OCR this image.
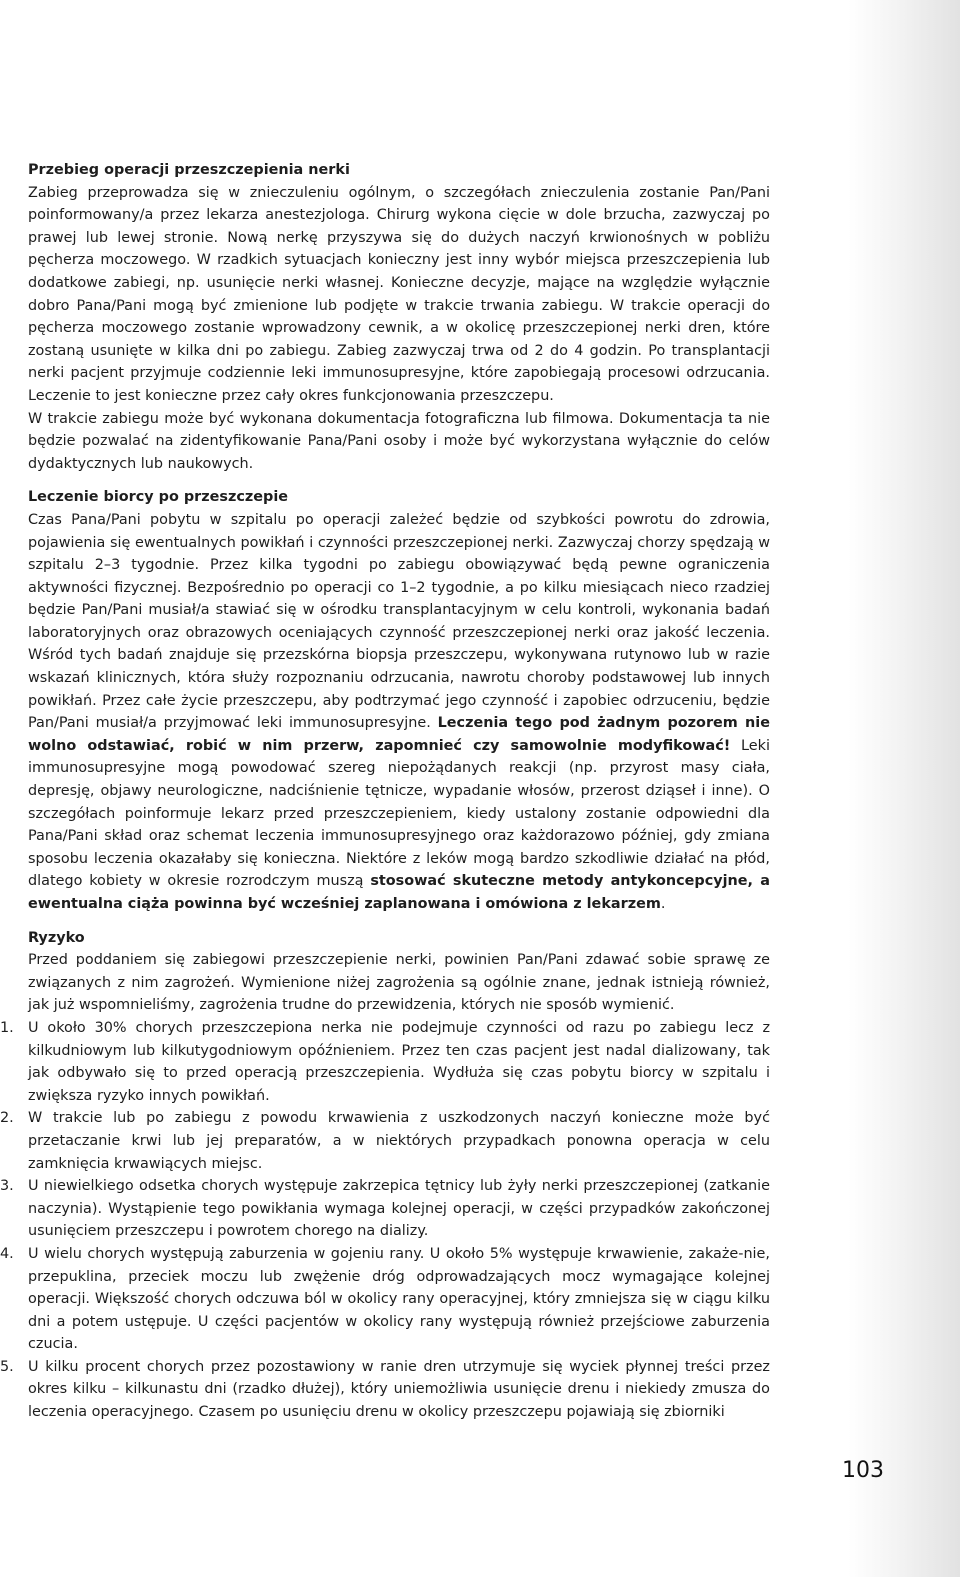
Przebieg operacji przeszczepienia nerki

Zabieg przeprowadza się w znieczuleniu ogólnym, o szczegółach znieczulenia zostanie Pan/Pani poinformowany/a przez lekarza anestezjologa. Chirurg wykona cięcie w dole brzucha, zazwyczaj po prawej lub lewej stronie. Nową nerkę przyszywa się do dużych naczyń krwionośnych w pobliżu pęcherza moczowego. W rzadkich sytuacjach konieczny jest inny wybór miejsca przeszczepienia lub dodatkowe zabiegi, np. usunięcie nerki własnej. Konieczne decyzje, mające na względzie wyłącznie dobro Pana/Pani mogą być zmienione lub podjęte w trakcie trwania zabiegu. W trakcie operacji do pęcherza moczowego zostanie wprowadzony cewnik, a w okolicę przeszczepionej nerki dren, które zostaną usunięte w kilka dni po zabiegu. Zabieg zazwyczaj trwa od 2 do 4 godzin. Po transplantacji nerki pacjent przyjmuje codziennie leki immunosupresyjne, które zapobiegają procesowi odrzucania. Leczenie to jest konieczne przez cały okres funkcjonowania przeszczepu.

W trakcie zabiegu może być wykonana dokumentacja fotograficzna lub filmowa. Dokumentacja ta nie będzie pozwalać na zidentyfikowanie Pana/Pani osoby i może być wykorzystana wyłącznie do celów dydaktycznych lub naukowych.

Leczenie biorcy po przeszczepie

Czas Pana/Pani pobytu w szpitalu po operacji zależeć będzie od szybkości powrotu do zdrowia, pojawienia się ewentualnych powikłań i czynności przeszczepionej nerki. Zazwyczaj chorzy spędzają w szpitalu 2–3 tygodnie. Przez kilka tygodni po zabiegu obowiązywać będą pewne ograniczenia aktywności fizycznej. Bezpośrednio po operacji co 1–2 tygodnie, a po kilku miesiącach nieco rzadziej będzie Pan/Pani musiał/a stawiać się w ośrodku transplantacyjnym w celu kontroli, wykonania badań laboratoryjnych oraz obrazowych oceniających czynność przeszczepionej nerki oraz jakość leczenia. Wśród tych badań znajduje się przezskórna biopsja przeszczepu, wykonywana rutynowo lub w razie wskazań klinicznych, która służy rozpoznaniu odrzucania, nawrotu choroby podstawowej lub innych powikłań. Przez całe życie przeszczepu, aby podtrzymać jego czynność i zapobiec odrzuceniu, będzie Pan/Pani musiał/a przyjmować leki immunosupresyjne. Leczenia tego pod żadnym pozorem nie wolno odstawiać, robić w nim przerw, zapomnieć czy samowolnie modyfikować! Leki immunosupresyjne mogą powodować szereg niepożądanych reakcji (np. przyrost masy ciała, depresję, objawy neurologiczne, nadciśnienie tętnicze, wypadanie włosów, przerost dziąseł i inne). O szczegółach poinformuje lekarz przed przeszczepieniem, kiedy ustalony zostanie odpowiedni dla Pana/Pani skład oraz schemat leczenia immunosupresyjnego oraz każdorazowo później, gdy zmiana sposobu leczenia okazałaby się konieczna. Niektóre z leków mogą bardzo szkodliwie działać na płód, dlatego kobiety w okresie rozrodczym muszą stosować skuteczne metody antykoncepcyjne, a ewentualna ciąża powinna być wcześniej zaplanowana i omówiona z lekarzem.

Ryzyko

Przed poddaniem się zabiegowi przeszczepienie nerki, powinien Pan/Pani zdawać sobie sprawę ze związanych z nim zagrożeń. Wymienione niżej zagrożenia są ogólnie znane, jednak istnieją również, jak już wspomnieliśmy, zagrożenia trudne do przewidzenia, których nie sposób wymienić.

1. U około 30% chorych przeszczepiona nerka nie podejmuje czynności od razu po zabiegu lecz z kilkudniowym lub kilkutygodniowym opóźnieniem. Przez ten czas pacjent jest nadal dializowany, tak jak odbywało się to przed operacją przeszczepienia. Wydłuża się czas pobytu biorcy w szpitalu i zwiększa ryzyko innych powikłań.
2. W trakcie lub po zabiegu z powodu krwawienia z uszkodzonych naczyń konieczne może być przetaczanie krwi lub jej preparatów, a w niektórych przypadkach ponowna operacja w celu zamknięcia krwawiących miejsc.
3. U niewielkiego odsetka chorych występuje zakrzepica tętnicy lub żyły nerki przeszczepionej (zatkanie naczynia). Wystąpienie tego powikłania wymaga kolejnej operacji, w części przypadków zakończonej usunięciem przeszczepu i powrotem chorego na dializy.
4. U wielu chorych występują zaburzenia w gojeniu rany. U około 5% występuje krwawienie, zakaże-nie, przepuklina, przeciek moczu lub zwężenie dróg odprowadzających mocz wymagające kolejnej operacji. Większość chorych odczuwa ból w okolicy rany operacyjnej, który zmniejsza się w ciągu kilku dni a potem ustępuje. U części pacjentów w okolicy rany występują również przejściowe zaburzenia czucia.
5. U kilku procent chorych przez pozostawiony w ranie dren utrzymuje się wyciek płynnej treści przez okres kilku – kilkunastu dni (rzadko dłużej), który uniemożliwia usunięcie drenu i niekiedy zmusza do leczenia operacyjnego. Czasem po usunięciu drenu w okolicy przeszczepu pojawiają się zbiorniki
103
